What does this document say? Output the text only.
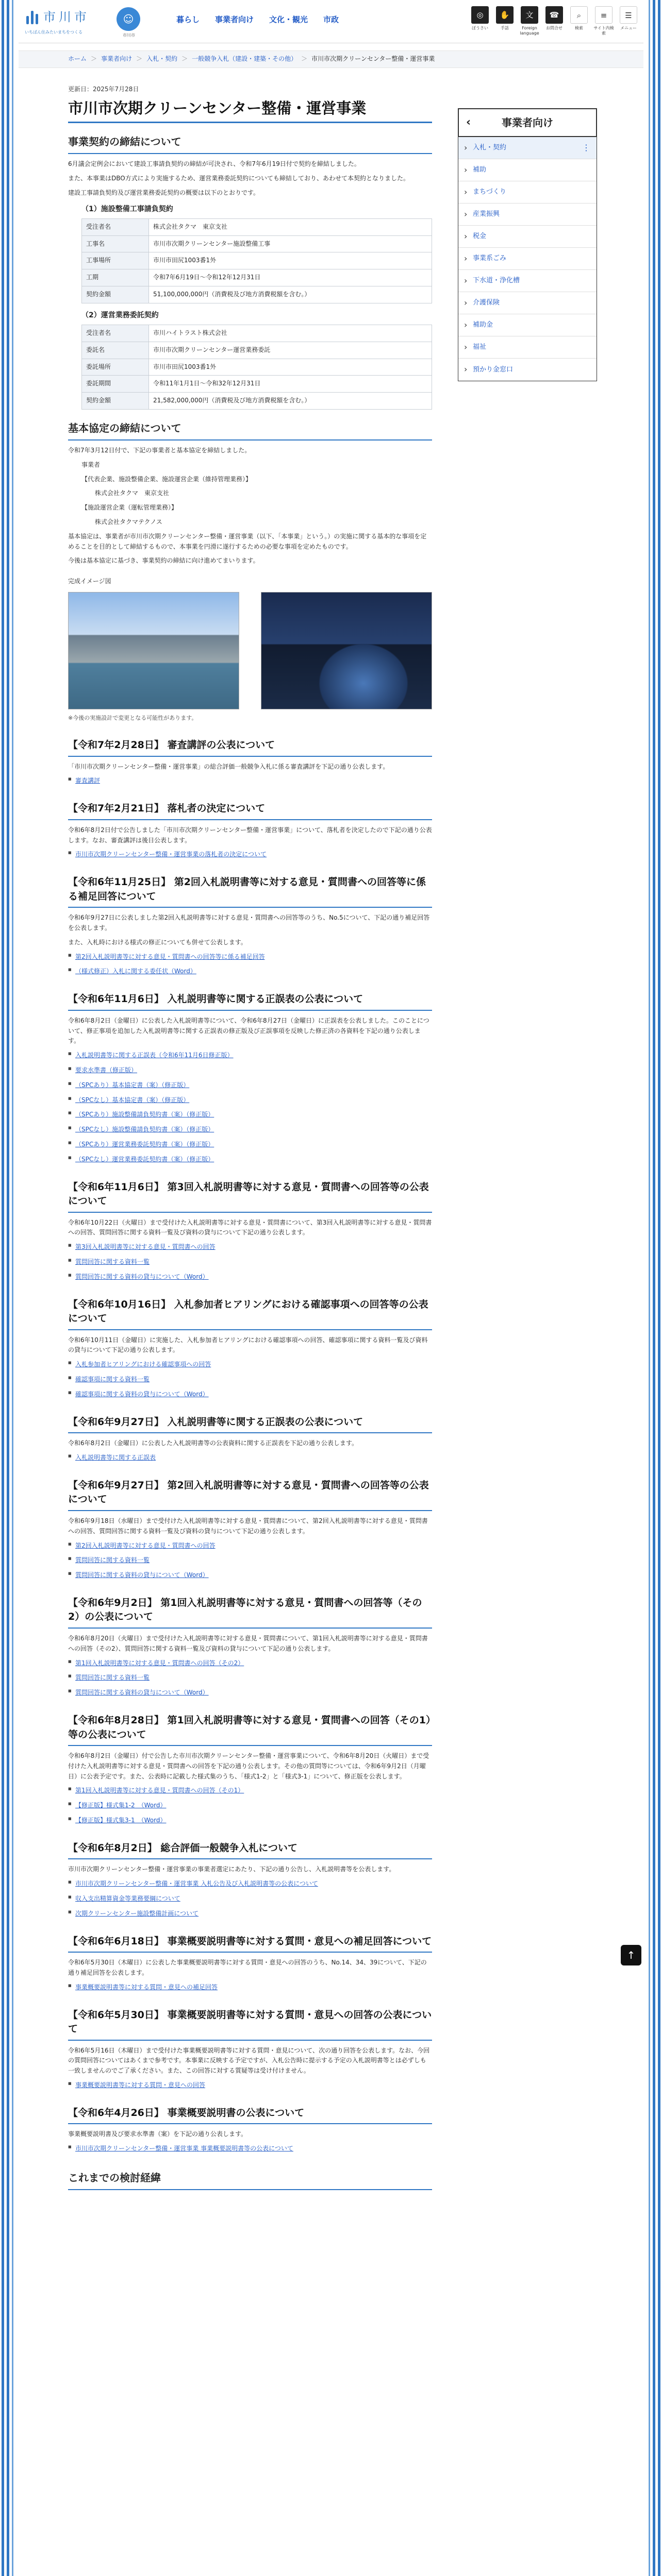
市川市
いちばん住みたいまちをつくる
☺
市川市
暮らし 事業者向け 文化・観光 市政	◎
ぼうさい
✋
手話
文
Foreign language
☎
お問合せ
⌕
検索
≡
サイト内検索
☰
メニュー
ホーム ＞ 事業者向け ＞ 入札・契約 ＞ 一般競争入札（建設・建築・その他） ＞ 市川市次期クリーンセンター整備・運営事業
更新日：2025年7月28日
市川市次期クリーンセンター整備・運営事業
事業契約の締結について

6月議会定例会において建設工事請負契約の締結が可決され、令和7年6月19日付で契約を締結しました。

また、本事業はDBO方式により実施するため、運営業務委託契約についても締結しており、あわせて本契約となりました。

建設工事請負契約及び運営業務委託契約の概要は以下のとおりです。

（1）施設整備工事請負契約
受注者名	株式会社タクマ　東京支社
工事名	市川市次期クリーンセンター施設整備工事
工事場所	市川市田尻1003番1外
工期	令和7年6月19日～令和12年12月31日
契約金額	51,100,000,000円（消費税及び地方消費税額を含む。）
（2）運営業務委託契約
受注者名	市川ハイトラスト株式会社
委託名	市川市次期クリーンセンター運営業務委託
委託場所	市川市田尻1003番1外
委託期間	令和11年1月1日～令和32年12月31日
契約金額	21,582,000,000円（消費税及び地方消費税額を含む。）
基本協定の締結について

令和7年3月12日付で、下記の事業者と基本協定を締結しました。

事業者

【代表企業、施設整備企業、施設運営企業（維持管理業務）】

株式会社タクマ　東京支社

【施設運営企業（運転管理業務）】

株式会社タクマテクノス

基本協定は、事業者が市川市次期クリーンセンター整備・運営事業（以下、「本事業」という。）の実施に関する基本的な事項を定めることを目的として締結するもので、本事業を円滑に遂行するための必要な事項を定めたものです。

今後は基本協定に基づき、事業契約の締結に向け進めてまいります。

完成イメージ図

※今後の実施設計で変更となる可能性があります。
【令和7年2月28日】 審査講評の公表について

「市川市次期クリーンセンター整備・運営事業」の総合評価一般競争入札に係る審査講評を下記の通り公表します。

■ 審査講評
【令和7年2月21日】 落札者の決定について

令和6年8月2日付で公告しました「市川市次期クリーンセンター整備・運営事業」について、落札者を決定したので下記の通り公表します。なお、審査講評は後日公表します。

■ 市川市次期クリーンセンター整備・運営事業の落札者の決定について
【令和6年11月25日】 第2回入札説明書等に対する意見・質問書への回答等に係る補足回答について

令和6年9月27日に公表しました第2回入札説明書等に対する意見・質問書への回答等のうち、No.5について、下記の通り補足回答を公表します。

また、入札時における様式の修正についても併せて公表します。

■ 第2回入札説明書等に対する意見・質問書への回答等に係る補足回答
■ （様式修正）入札に関する委任状（Word）
【令和6年11月6日】 入札説明書等に関する正誤表の公表について

令和6年8月2日（金曜日）に公表した入札説明書等について、令和6年8月27日（金曜日）に正誤表を公表しました。このことについて、修正事項を追加した入札説明書等に関する正誤表の修正版及び正誤事項を反映した修正済の各資料を下記の通り公表します。

■ 入札説明書等に関する正誤表（令和6年11月6日修正版）
■ 要求水準書（修正版）
■ （SPCあり）基本協定書（案）（修正版）
■ （SPCなし）基本協定書（案）（修正版）
■ （SPCあり）施設整備請負契約書（案）（修正版）
■ （SPCなし）施設整備請負契約書（案）（修正版）
■ （SPCあり）運営業務委託契約書（案）（修正版）
■ （SPCなし）運営業務委託契約書（案）（修正版）
【令和6年11月6日】 第3回入札説明書等に対する意見・質問書への回答等の公表について

令和6年10月22日（火曜日）まで受付けた入札説明書等に対する意見・質問書について、第3回入札説明書等に対する意見・質問書への回答、質問回答に関する資料一覧及び資料の貸与について下記の通り公表します。

■ 第3回入札説明書等に対する意見・質問書への回答
■ 質問回答に関する資料一覧
■ 質問回答に関する資料の貸与について（Word）
【令和6年10月16日】 入札参加者ヒアリングにおける確認事項への回答等の公表について

令和6年10月11日（金曜日）に実施した、入札参加者ヒアリングにおける確認事項への回答、確認事項に関する資料一覧及び資料の貸与について下記の通り公表します。

■ 入札参加者ヒアリングにおける確認事項への回答
■ 確認事項に関する資料一覧
■ 確認事項に関する資料の貸与について（Word）
【令和6年9月27日】 入札説明書等に関する正誤表の公表について

令和6年8月2日（金曜日）に公表した入札説明書等の公表資料に関する正誤表を下記の通り公表します。

■ 入札説明書等に関する正誤表
【令和6年9月27日】 第2回入札説明書等に対する意見・質問書への回答等の公表について

令和6年9月18日（水曜日）まで受付けた入札説明書等に対する意見・質問書について、第2回入札説明書等に対する意見・質問書への回答、質問回答に関する資料一覧及び資料の貸与について下記の通り公表します。

■ 第2回入札説明書等に対する意見・質問書への回答
■ 質問回答に関する資料一覧
■ 質問回答に関する資料の貸与について（Word）
【令和6年9月2日】 第1回入札説明書等に対する意見・質問書への回答等（その2）の公表について

令和6年8月20日（火曜日）まで受付けた入札説明書等に対する意見・質問書について、第1回入札説明書等に対する意見・質問書への回答（その2）、質問回答に関する資料一覧及び資料の貸与について下記の通り公表します。

■ 第1回入札説明書等に対する意見・質問書への回答（その2）
■ 質問回答に関する資料一覧
■ 質問回答に関する資料の貸与について（Word）
【令和6年8月28日】 第1回入札説明書等に対する意見・質問書への回答（その1）等の公表について

令和6年8月2日（金曜日）付で公告した市川市次期クリーンセンター整備・運営事業について、令和6年8月20日（火曜日）まで受付けた入札説明書等に対する意見・質問書への回答を下記の通り公表します。その他の質問等については、令和6年9月2日（月曜日）に公表予定です。また、公表時に記載した様式集のうち、「様式1-2」と「様式3-1」について、修正版を公表します。

■ 第1回入札説明書等に対する意見・質問書への回答（その1）
■ 【修正版】様式集1-2　（Word）
■ 【修正版】様式集3-1　（Word）
【令和6年8月2日】 総合評価一般競争入札について

市川市次期クリーンセンター整備・運営事業の事業者選定にあたり、下記の通り公告し、入札説明書等を公表します。

■ 市川市次期クリーンセンター整備・運営事業 入札公告及び入札説明書等の公表について
■ 収入支出精算資金等業務要綱について
■ 次期クリーンセンター施設整備計画について
【令和6年6月18日】 事業概要説明書等に対する質問・意見への補足回答について

令和6年5月30日（木曜日）に公表した事業概要説明書等に対する質問・意見への回答のうち、No.14、34、39について、下記の通り補足回答を公表します。

■ 事業概要説明書等に対する質問・意見への補足回答
【令和6年5月30日】 事業概要説明書等に対する質問・意見への回答の公表について

令和6年5月16日（木曜日）まで受付けた事業概要説明書等に対する質問・意見について、次の通り回答を公表します。なお、今回の質問回答についてはあくまで参考です。本事業に反映する予定ですが、入札公告時に提示する予定の入札説明書等とは必ずしも一致しませんのでご了承ください。また、この回答に対する質疑等は受け付けません。

■ 事業概要説明書等に対する質問・意見への回答
【令和6年4月26日】 事業概要説明書の公表について

事業概要説明書及び要求水準書（案）を下記の通り公表します。

■ 市川市次期クリーンセンター整備・運営事業 事業概要説明書等の公表について
これまでの検討経緯
‹	事業者向け
› 入札・契約 ⋮
› 補助
› まちづくり
› 産業振興
› 税金
› 事業系ごみ
› 下水道・浄化槽
› 介護保険
› 補助金
› 福祉
› 預かり金窓口
↑
